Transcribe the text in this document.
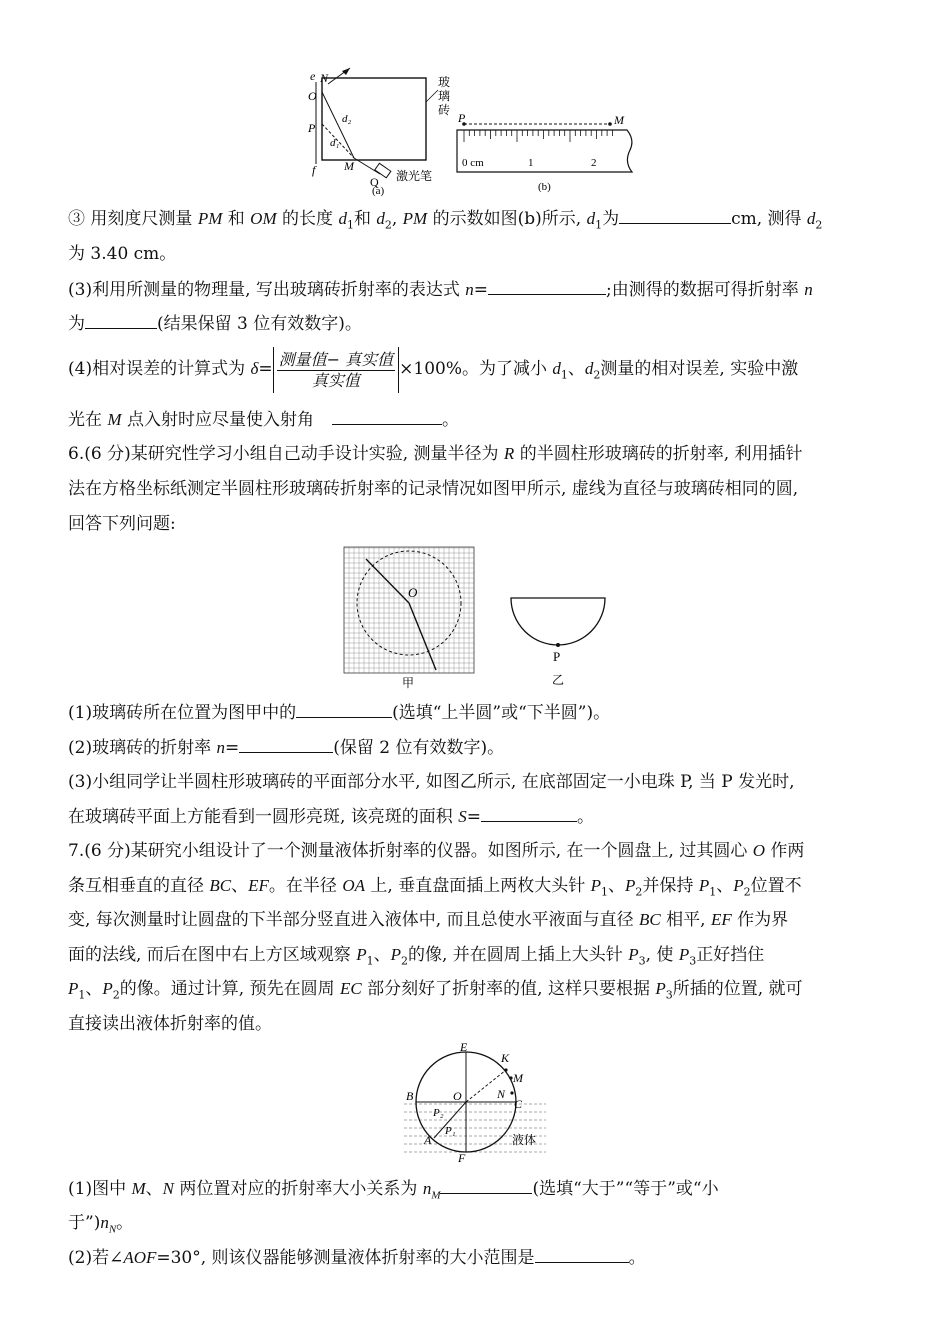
e N
O
P
d₂
d₁
M
f
Q 激光笔
玻
璃
砖
(a)
P	M
0 cm	1	2
(b)
③ 用刻度尺测量 PM 和 OM 的长度 $d_1$和 $d_2$, PM 的示数如图(b)所示, $d_1$为	cm, 测得 $d_2$
为 3.40 cm。
(3)利用所测量的物理量, 写出玻璃砖折射率的表达式 n=	;由测得的数据可得折射率 n
为	(结果保留 3 位有效数字)。
(4)相对误差的计算式为 $\delta= \frac{\text{测量值− 真实值}}{\text{真实值}} \times 100\%$。为了减小 $d_1$、$d_2$测量的相对误差, 实验中激
光在 M 点入射时应尽量使入射角	。
6.(6 分)某研究性学习小组自己动手设计实验, 测量半径为 R 的半圆柱形玻璃砖的折射率, 利用插针
法在方格坐标纸测定半圆柱形玻璃砖折射率的记录情况如图甲所示, 虚线为直径与玻璃砖相同的圆,
回答下列问题:
O
甲
P
乙
(1)玻璃砖所在位置为图甲中的	(选填“上半圆”或“下半圆”)。
(2)玻璃砖的折射率 n=	(保留 2 位有效数字)。
(3)小组同学让半圆柱形玻璃砖的平面部分水平, 如图乙所示, 在底部固定一小电珠 P, 当 P 发光时,
在玻璃砖平面上方能看到一圆形亮斑, 该亮斑的面积 S=	。
7.(6 分)某研究小组设计了一个测量液体折射率的仪器。如图所示, 在一个圆盘上, 过其圆心 O 作两
条互相垂直的直径 BC、EF。在半径 OA 上, 垂直盘面插上两枚大头针 $P_1$、$P_2$并保持 $P_1$、$P_2$位置不
变, 每次测量时让圆盘的下半部分竖直进入液体中, 而且总使水平液面与直径 BC 相平, EF 作为界
面的法线, 而后在图中右上方区域观察 $P_1$、$P_2$的像, 并在圆周上插上大头针 $P_3$, 使 $P_3$正好挡住
$P_1$、$P_2$的像。通过计算, 预先在圆周 EC 部分刻好了折射率的值, 这样只要根据 $P_3$所插的位置, 就可
直接读出液体折射率的值。
E
K
M
N
B	O
C
P₂
P₁
A	液体
F
(1)图中 M、N 两位置对应的折射率大小关系为 $n_M$	(选填“大于”“等于”或“小
于$”)n_N$。
(2)若∠AOF=30°, 则该仪器能够测量液体折射率的大小范围是	。
